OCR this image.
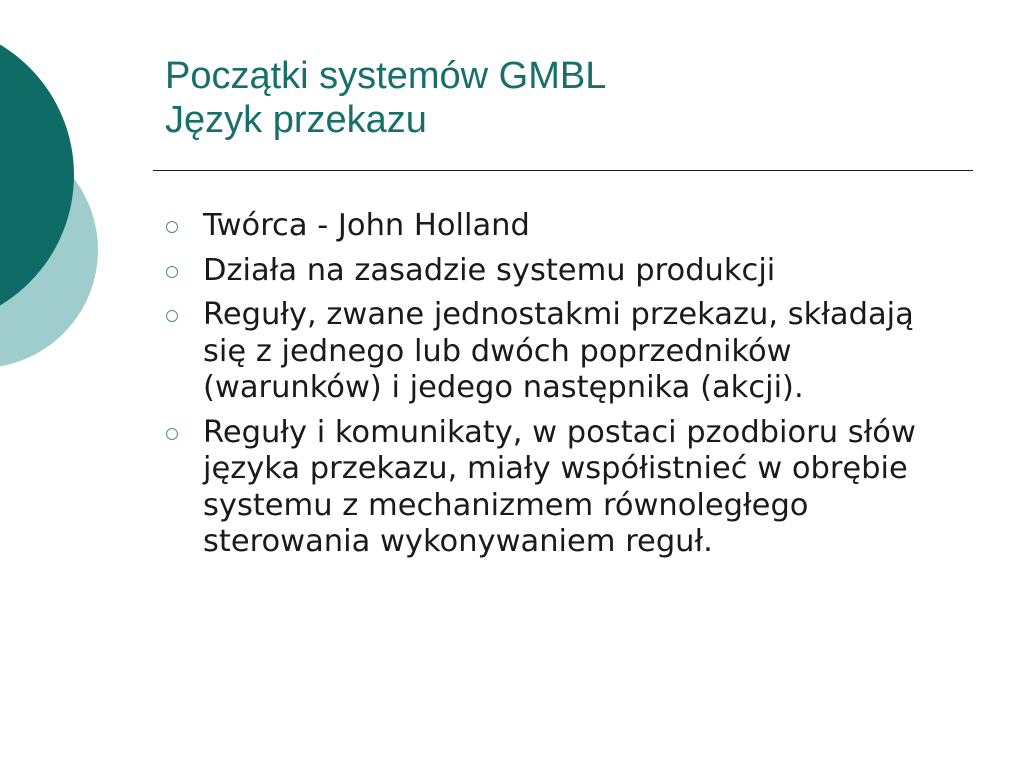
Początki systemów GMBL
Język przekazu
Twórca - John Holland
Działa na zasadzie systemu produkcji
Reguły, zwane jednostakmi przekazu, składają się z jednego lub dwóch poprzedników (warunków) i jedego następnika (akcji).
Reguły i komunikaty, w postaci pzodbioru słów języka przekazu, miały współistnieć w obrębie systemu z mechanizmem równoległego sterowania wykonywaniem reguł.
